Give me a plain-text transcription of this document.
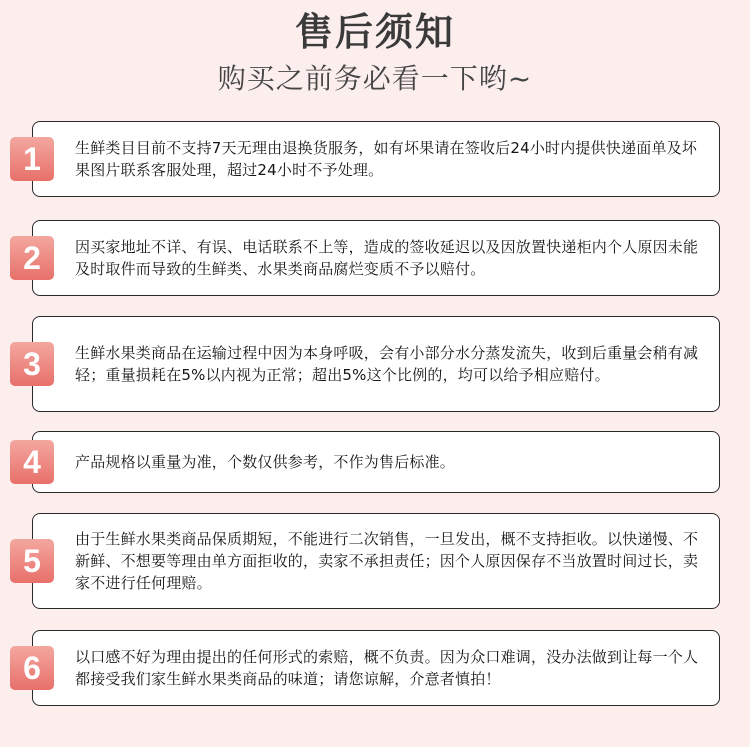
售后须知
购买之前务必看一下哟~
生鲜类目目前不支持7天无理由退换货服务，如有坏果请在签收后24小时内提供快递面单及坏果图片联系客服处理，超过24小时不予处理。
1
因买家地址不详、有误、电话联系不上等，造成的签收延迟以及因放置快递柜内个人原因未能及时取件而导致的生鲜类、水果类商品腐烂变质不予以赔付。
2
生鲜水果类商品在运输过程中因为本身呼吸，会有小部分水分蒸发流失，收到后重量会稍有减轻；重量损耗在5%以内视为正常；超出5%这个比例的，均可以给予相应赔付。
3
产品规格以重量为准，个数仅供参考，不作为售后标准。
4
由于生鲜水果类商品保质期短，不能进行二次销售，一旦发出，概不支持拒收。以快递慢、不新鲜、不想要等理由单方面拒收的，卖家不承担责任；因个人原因保存不当放置时间过长，卖家不进行任何理赔。
5
以口感不好为理由提出的任何形式的索赔，概不负责。因为众口难调，没办法做到让每一个人都接受我们家生鲜水果类商品的味道；请您谅解，介意者慎拍！
6
